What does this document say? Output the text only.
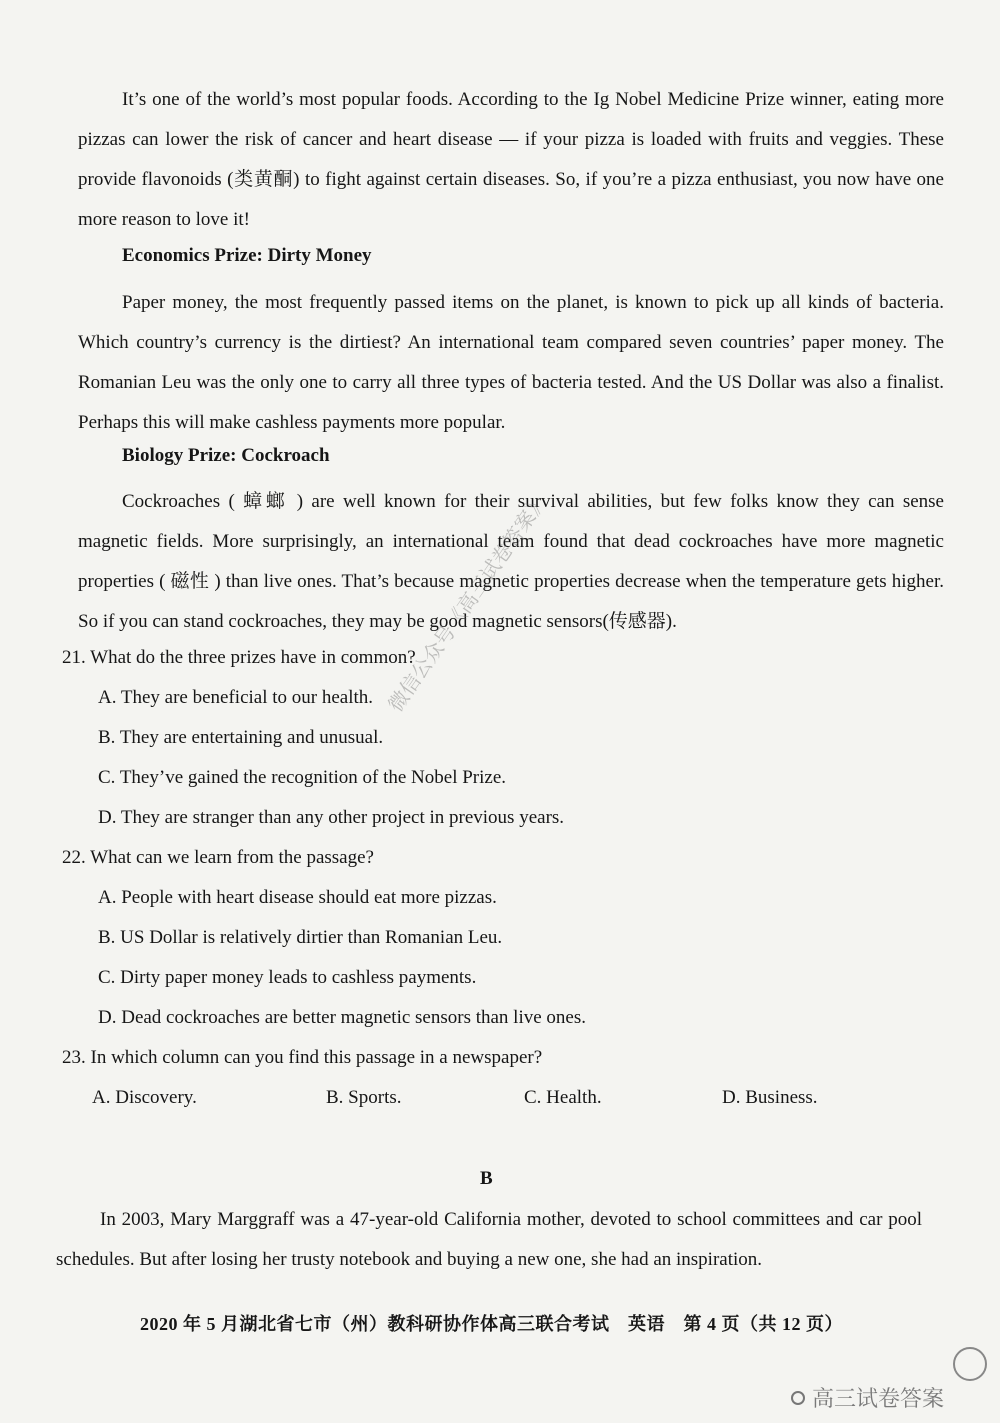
It’s one of the world’s most popular foods. According to the Ig Nobel Medicine Prize winner, eating more pizzas can lower the risk of cancer and heart disease — if your pizza is loaded with fruits and veggies. These provide flavonoids (类黄酮) to fight against certain diseases. So, if you’re a pizza enthusiast, you now have one more reason to love it!

Economics Prize: Dirty Money

Paper money, the most frequently passed items on the planet, is known to pick up all kinds of bacteria. Which country’s currency is the dirtiest? An international team compared seven countries’ paper money. The Romanian Leu was the only one to carry all three types of bacteria tested. And the US Dollar was also a finalist. Perhaps this will make cashless payments more popular.

Biology Prize: Cockroach

Cockroaches ( 蟑螂 ) are well known for their survival abilities, but few folks know they can sense magnetic fields. More surprisingly, an international team found that dead cockroaches have more magnetic properties ( 磁性 ) than live ones. That’s because magnetic properties decrease when the temperature gets higher. So if you can stand cockroaches, they may be good magnetic sensors(传感器).

21. What do the three prizes have in common?

A. They are beneficial to our health.

B. They are entertaining and unusual.

C. They’ve gained the recognition of the Nobel Prize.

D. They are stranger than any other project in previous years.

22. What can we learn from the passage?

A. People with heart disease should eat more pizzas.

B. US Dollar is relatively dirtier than Romanian Leu.

C. Dirty paper money leads to cashless payments.

D. Dead cockroaches are better magnetic sensors than live ones.

23. In which column can you find this passage in a newspaper?

A. Discovery.	B. Sports.	C. Health.	D. Business.
B

In 2003, Mary Marggraff was a 47-year-old California mother, devoted to school committees and car pool schedules. But after losing her trusty notebook and buying a new one, she had an inspiration.

2020 年 5 月湖北省七市（州）教科研协作体高三联合考试　英语　第 4 页（共 12 页）
微信公众号《高三试卷答案》
高三试卷答案
